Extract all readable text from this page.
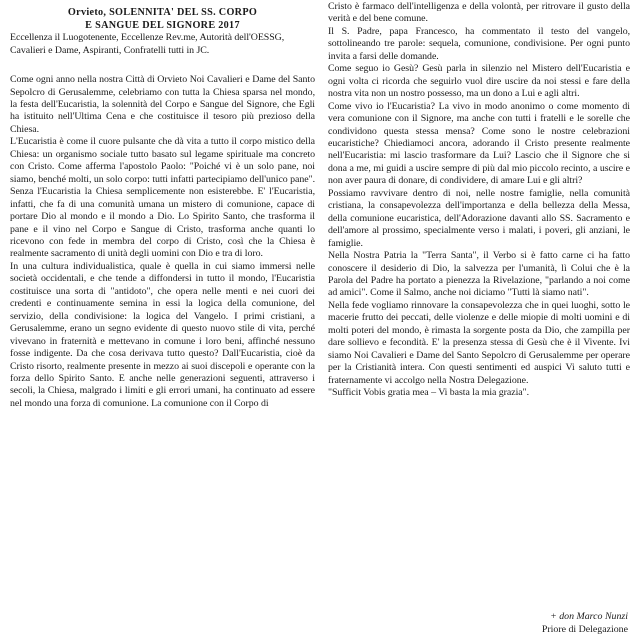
Orvieto, SOLENNITA' DEL SS. CORPO
E SANGUE DEL SIGNORE 2017

Eccellenza il Luogotenente, Eccellenze Rev.me, Autorità dell'OESSG, Cavalieri e Dame, Aspiranti, Confratelli tutti in JC.

Come ogni anno nella nostra Città di Orvieto Noi Cavalieri e Dame del Santo Sepolcro di Gerusalemme, celebriamo con tutta la Chiesa sparsa nel mondo, la festa dell'Eucaristia, la solennità del Corpo e Sangue del Signore, che Egli ha istituito nell'Ultima Cena e che costituisce il tesoro più prezioso della Chiesa.

L'Eucaristia è come il cuore pulsante che dà vita a tutto il corpo mistico della Chiesa: un organismo sociale tutto basato sul legame spirituale ma concreto con Cristo. Come afferma l'apostolo Paolo: "Poiché vi è un solo pane, noi siamo, benché molti, un solo corpo: tutti infatti partecipiamo dell'unico pane". Senza l'Eucaristia la Chiesa semplicemente non esisterebbe. E' l'Eucaristia, infatti, che fa di una comunità umana un mistero di comunione, capace di portare Dio al mondo e il mondo a Dio. Lo Spirito Santo, che trasforma il pane e il vino nel Corpo e Sangue di Cristo, trasforma anche quanti lo ricevono con fede in membra del corpo di Cristo, così che la Chiesa è realmente sacramento di unità degli uomini con Dio e tra di loro.

In una cultura individualistica, quale è quella in cui siamo immersi nelle società occidentali, e che tende a diffondersi in tutto il mondo, l'Eucaristia costituisce una sorta di "antidoto", che opera nelle menti e nei cuori dei credenti e continuamente semina in essi la logica della comunione, del servizio, della condivisione: la logica del Vangelo. I primi cristiani, a Gerusalemme, erano un segno evidente di questo nuovo stile di vita, perché vivevano in fraternità e mettevano in comune i loro beni, affinché nessuno fosse indigente. Da che cosa derivava tutto questo? Dall'Eucaristia, cioè da Cristo risorto, realmente presente in mezzo ai suoi discepoli e operante con la forza dello Spirito Santo. E anche nelle generazioni seguenti, attraverso i secoli, la Chiesa, malgrado i limiti e gli errori umani, ha continuato ad essere nel mondo una forza di comunione. La comunione con il Corpo di

Cristo è farmaco dell'intelligenza e della volontà, per ritrovare il gusto della verità e del bene comune.

Il S. Padre, papa Francesco, ha commentato il testo del vangelo, sottolineando tre parole: sequela, comunione, condivisione. Per ogni punto invita a farsi delle domande.

Come seguo io Gesù? Gesù parla in silenzio nel Mistero dell'Eucaristia e ogni volta ci ricorda che seguirlo vuol dire uscire da noi stessi e fare della nostra vita non un nostro possesso, ma un dono a Lui e agli altri.

Come vivo io l'Eucaristia? La vivo in modo anonimo o come momento di vera comunione con il Signore, ma anche con tutti i fratelli e le sorelle che condividono questa stessa mensa? Come sono le nostre celebrazioni eucaristiche? Chiediamoci ancora, adorando il Cristo presente realmente nell'Eucaristia: mi lascio trasformare da Lui? Lascio che il Signore che si dona a me, mi guidi a uscire sempre di più dal mio piccolo recinto, a uscire e non aver paura di donare, di condividere, di amare Lui e gli altri?

Possiamo ravvivare dentro di noi, nelle nostre famiglie, nella comunità cristiana, la consapevolezza dell'importanza e della bellezza della Messa, della comunione eucaristica, dell'Adorazione davanti allo SS. Sacramento e dell'amore al prossimo, specialmente verso i malati, i poveri, gli anziani, le famiglie.

Nella Nostra Patria la "Terra Santa", il Verbo si è fatto carne ci ha fatto conoscere il desiderio di Dio, la salvezza per l'umanità, lì Colui che è la Parola del Padre ha portato a pienezza la Rivelazione, "parlando a noi come ad amici". Come il Salmo, anche noi diciamo "Tutti là siamo nati".

Nella fede vogliamo rinnovare la consapevolezza che in quei luoghi, sotto le macerie frutto dei peccati, delle violenze e delle miopie di molti uomini e di molti poteri del mondo, è rimasta la sorgente posta da Dio, che zampilla per dare sollievo e fecondità. E' la presenza stessa di Gesù che è il Vivente. Ivi siamo Noi Cavalieri e Dame del Santo Sepolcro di Gerusalemme per operare per la Cristianità intera. Con questi sentimenti ed auspici Vi saluto tutti e fraternamente vi accolgo nella Nostra Delegazione.

"Sufficit Vobis gratia mea – Vi basta la mia grazia".

+ don Marco Nunzi
Priore di Delegazione
